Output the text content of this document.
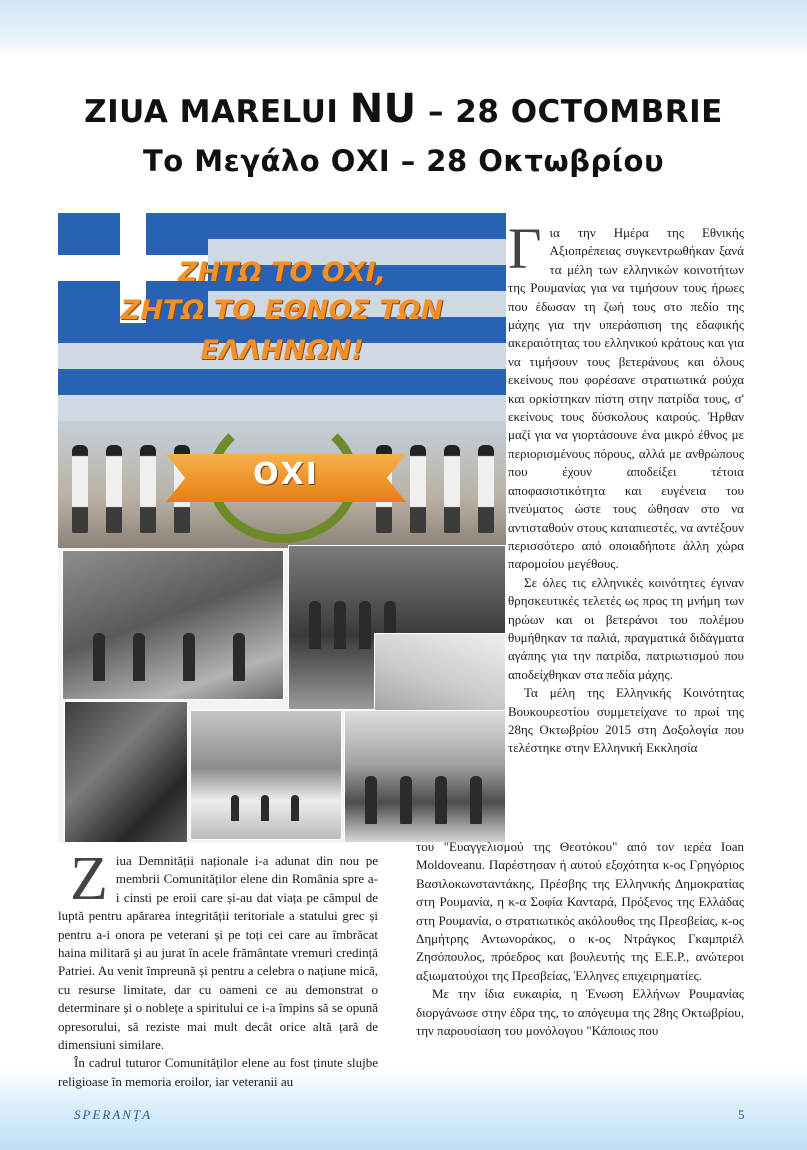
ZIUA MARELUI NU – 28 OCTOMBRIE
Το Μεγάλο ΟΧΙ – 28 Οκτωβρίου
ΖΗΤΩ ΤΟ ΟΧΙ,
ΖΗΤΩ ΤΟ ΕΘΝΟΣ ΤΩΝ
ΕΛΛΗΝΩΝ!
ΟΧΙ

Για την Ημέρα της Εθνικής Αξιοπρέπειας συγκεντρωθήκαν ξανά τα μέλη των ελληνικών κοινοτήτων της Ρουμανίας για να τιμήσουν τους ήρωες που έδωσαν τη ζωή τους στο πεδίο της μάχης για την υπεράσπιση της εδαφικής ακεραιότητας του ελληνικού κράτους και για να τιμήσουν τους βετεράνους και όλους εκείνους που φορέσανε στρατιωτικά ρούχα και ορκίστηκαν πίστη στην πατρίδα τους, σ' εκείνους τους δύσκολους καιρούς. Ήρθαν μαζί για να γιορτάσουνε ένα μικρό έθνος με περιορισμένους πόρους, αλλά με ανθρώπους που έχουν αποδείξει τέτοια αποφασιστικότητα και ευγένεια του πνεύματος ώστε τους ώθησαν στο να αντισταθούν στους καταπιεστές, να αντέξουν περισσότερο από οποιαδήποτε άλλη χώρα παρομοίου μεγέθους.

Σε όλες τις ελληνικές κοινότητες έγιναν θρησκευτικές τελετές ως προς τη μνήμη των ηρώων και οι βετεράνοι του πολέμου θυμήθηκαν τα παλιά, πραγματικά διδάγματα αγάπης για την πατρίδα, πατριωτισμού που αποδείχθηκαν στα πεδία μάχης.

Τα μέλη της Ελληνικής Κοινότητας Βουκουρεστίου συμμετείχανε το πρωί της 28ης Οκτωβρίου 2015 στη Δοξολογία που τελέστηκε στην Ελληνική Εκκλησία

του "Ευαγγελισμού της Θεοτόκου" από τον ιερέα Ioan Moldoveanu. Παρέστησαν ή αυτού εξοχότητα κ-ος Γρηγόριος Βασιλοκωνσταντάκης, Πρέσβης της Ελληνικής Δημοκρατίας στη Ρουμανία, η κ-α Σοφία Κανταρά, Πρόξενος της Ελλάδας στη Ρουμανία, ο στρατιωτικός ακόλουθος της Πρεσβείας, κ-ος Δημήτρης Αντωνοράκος, ο κ-ος Ντράγκος Γκαμπριέλ Ζησόπουλος, πρόεδρος και βουλευτής της Ε.Ε.Ρ., ανώτεροι αξιωματούχοι της Πρεσβείας, Έλληνες επιχειρηματίες.

Με την ίδια ευκαιρία, η Ένωση Ελλήνων Ρουμανίας διοργάνωσε στην έδρα της, το απόγευμα της 28ης Οκτωβρίου, την παρουσίαση του μονόλογου "Κάποιος που

Ziua Demnității naționale i-a adunat din nou pe membrii Comunităților elene din România spre a-i cinsti pe eroii care și-au dat viața pe câmpul de luptă pentru apărarea integrității teritoriale a statului grec și pentru a-i onora pe veterani și pe toți cei care au îmbrăcat haina militară și au jurat în acele frământate vremuri credință Patriei. Au venit împreună și pentru a celebra o națiune mică, cu resurse limitate, dar cu oameni ce au demonstrat o determinare și o noblețe a spiritului ce i-a împins să se opună opresorului, să reziste mai mult decât orice altă țară de dimensiuni similare.

În cadrul tuturor Comunităților elene au fost ținute slujbe religioase în memoria eroilor, iar veteranii au

SPERANȚA	5
